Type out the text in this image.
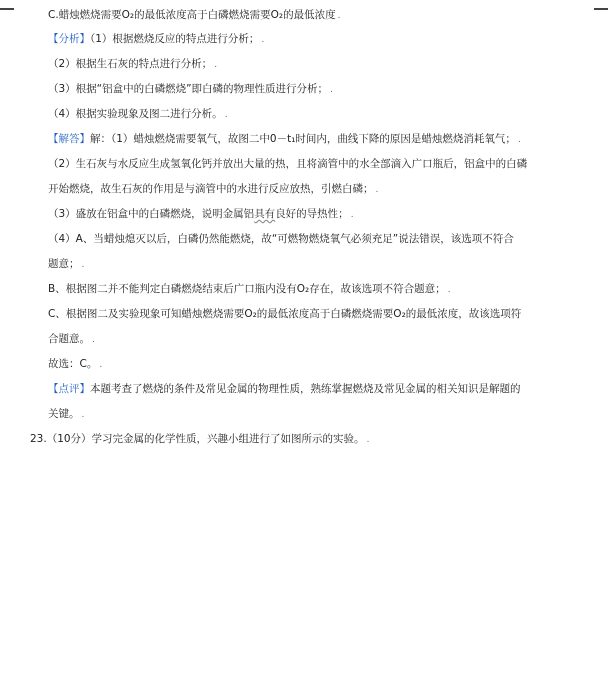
C.蜡烛燃烧需要O₂的最低浓度高于白磷燃烧需要O₂的最低浓度 .
【分析】（1）根据燃烧反应的特点进行分析； .
（2）根据生石灰的特点进行分析； .
（3）根据“铝盒中的白磷燃烧”即白磷的物理性质进行分析； .
（4）根据实验现象及图二进行分析。 .
【解答】解：（1）蜡烛燃烧需要氧气，故图二中0－t₁时间内，曲线下降的原因是蜡烛燃烧消耗氧气； .
（2）生石灰与水反应生成氢氧化钙并放出大量的热，且将滴管中的水全部滴入广口瓶后，铝盒中的白磷
开始燃烧，故生石灰的作用是与滴管中的水进行反应放热，引燃白磷； .
（3）盛放在铝盒中的白磷燃烧，说明金属铝具有良好的导热性； .
（4）A、当蜡烛熄灭以后，白磷仍然能燃烧，故“可燃物燃烧氧气必须充足”说法错误，该选项不符合
题意； .
B、根据图二并不能判定白磷燃烧结束后广口瓶内没有O₂存在，故该选项不符合题意； .
C、根据图二及实验现象可知蜡烛燃烧需要O₂的最低浓度高于白磷燃烧需要O₂的最低浓度，故该选项符
合题意。 .
故选：C。 .
【点评】本题考查了燃烧的条件及常见金属的物理性质，熟练掌握燃烧及常见金属的相关知识是解题的
关键。 .
23.（10分）学习完金属的化学性质，兴趣小组进行了如图所示的实验。 .
